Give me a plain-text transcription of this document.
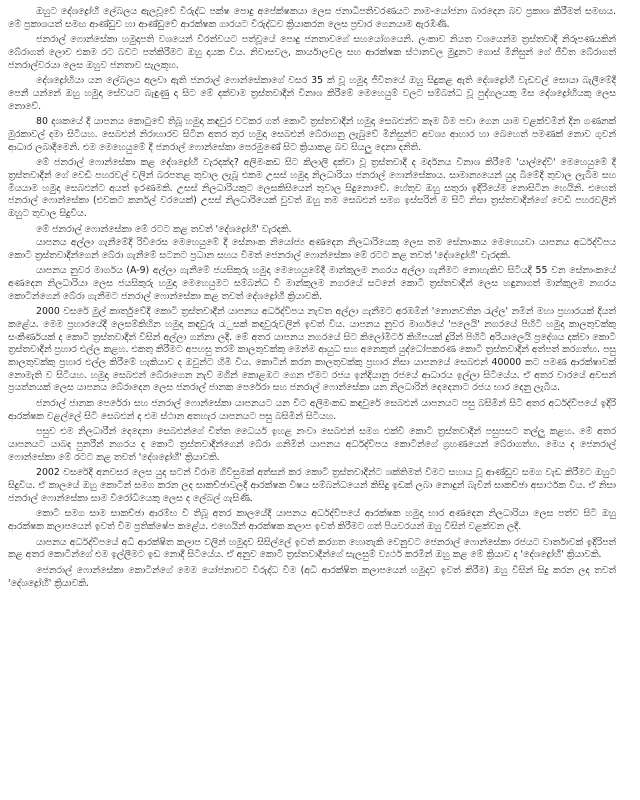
ඔහුට දේශද්‍රෝහී ලේබලය ඇලවූවේ විරුද්ධ පක්ෂ පොදු අපේක්ෂකයා ලෙස ජනාධිපතිවරණයට නාම-යෝජනා බාරදෙන බව ප්‍රකාශ කිරීමත් සමඟය. මේ ප්‍රකාශයත් සමඟ ආණ්ඩුව හා ආණ්ඩුවේ ආරක්ෂක ගාරයට විරුද්ධව ක්‍රියාකරන ලෙස ප්‍රචාර ගෙනයාම ඇරඹිණි.

ජනරාල් ෆොන්සේකා හමුදාපති වශයෙන් වීරත්වයට පත්වූයේ පොදු ජනතාවගේ සහයෝගයෙනි. ලංකාව නියත වශයෙන්ම ත්‍රස්තවාදී නිරූපණයකින් බේරාගත් ලොව එකම රට බවට පත්කිරීමට ඔහු දායක විය. නිවාසවල, කාර්යාලවල සහ ආරක්ෂක ස්ථානවල මුදුනට ගොස් මිනිසුන් ගේ ජීවිත බේරාගත් ජනරාල්වරයා ලෙස ඔහුව ජනතාව සැලකූහ.

දේශද්‍රෝහියා යන ලේබලය අලවා ඇති ජනරාල් ෆොන්සේකාගේ වසර 35 ක් වූ හමුදා ජීවිතයේ ඔහු සිදුකළ ඇති දේශද්‍රෝහී වැඩවල් සොයා බැලීමේදී පෙනී යන්නේ ඔහු හමුදා සේවයට බැඳුණු දා සිට මේ දක්වාම ත්‍රස්තවාදීන් විනාශ කිරීමේ මෙහෙයුම් වලට සම්බන්ධ වූ පුද්ගලයකු මිස දේශද්‍රෝහියකු ලෙස නොවේ.

80 දශකයේ දී යාපනය කොටුවේ තිබූ හමුදා කඳවුර වටකර ගත් කොටි ත්‍රස්තවාදීන් හමුදා සෙබළුන්ට කෑම බීම පවා ගෙන යාම වළක්වමින් දින ගණනක් මුරකාවල් දමා සිටියහ. සෙබළුන් නිරාහාරව සිටින අතර තුර හමුදා සෙබළුන් බේරාගනු ලැබුවේ මිනිසුන්ට අවශ්‍ය ආහාර හා බෙහෙත් පමණක් නොව ගුවන් ආධාර ලබාදීමෙනි. එම මෙහෙයුමේ දී ජනරාල් ෆොන්සේකා පෙරමුණේ සිට ක්‍රියාකළ බව සියලු දෙනා දනිති.

මේ ජනරාල් ෆොන්සේකා කළ දේශද්‍රෝහී වැරදක්ද? අලිමංකඩ සිට කිලාලි දක්වා වූ ත්‍රස්තවාදී ද මර්දනය විනාශ කිරීමේ 'යාල්දේවී' මෙහෙයුමේ දී ත්‍රස්තවාදීන් ගේ වෙඩි පහරවල් වලින් බරපතළ තුවාල ලැබූ එකම උසස් හමුදා නිලධාරියා ජනරාල් ෆොන්සේකාය. සාමාන්‍යයෙන් යුද බිමේදී තුවාල ලැබීම සහ මියයාම හමුදා සෙබළුන්ට අයත් ඉරණමකි. උසස් නිලධාරියකුට ලෙසකිසියෙන් තුවාල සිදුනොවේ. හේතුව ඔහු සතුරා ඉදිරියේම නොසිටින හෙයිනි. එහෙත් ජනරාල් ෆොන්සේකා (එවකට කර්නල් වරයෙක්) උසස් නිලධාරියෙක් වුවත් ඔහු තම සෙබළුන් සමග ඉස්සරින් ම සිටි නිසා ත්‍රස්තවාදීන්ගේ වෙඩි පහරවලින් ඔහුට තුවාල සිදුවිය.

මේ ජනරාල් ෆොන්සේකා මේ රටට කළ තවත් 'දේශද්‍රෝහී' වැරදකි.

යාපනය අල්ලා ගැනීමේදී රිවිරෙස මෙහෙයුමේ දී සේනාංක නියෝජ්‍ය අණදෙන නිලධාරියෙකු ලෙස තම සේනාංකය මෙහෙයවා යාපනය අර්ධද්වීපය කොටි ත්‍රස්තවාදීන්ගෙන් බේරා ගැනීමේ සටනට ප්‍රධාන සහය වීමත් ජෙනරාල් ෆොන්සේකා මේ රටට කළ තවත් 'දේශද්‍රෝහී' වැරදකි.

යාපනය නුවර මාර්ගය (A-9) අල්ලා ගැනීමේ ජයසිකුරු හමුදා මෙහෙයුමේදී මාන්කුලම නගරය අල්ලා ගැනීමට නොහැකිව සිටියදී 55 වන සේනාංකයේ අණදෙන නිලධාරියා ලෙස ජයසිකුරු හමුදා මෙහෙයුමට සම්බන්ධ වී මාන්කුලම නගරයේ සටනේ කොටි ත්‍රස්තවාදීන් ලෙස හඳුනාගත් මාන්කුලම නගරය කොටින්ගෙන් බේරා ගැනීමට ජනරාල් ෆොන්සේකා කළ තවත් දේශද්‍රෝහී ක්‍රියාවකි.

2000 වසරේ මුල් කාර්තුවේදී කොටි ත්‍රස්තවාදීන් යාපනය අර්ධද්වීපය නැවත අල්ලා ගැනීමට අරඹමින් 'නොනවතින රැල්ල' නමින් මහා ප්‍රහාරයක් දියත් කළේය. මෙම ප්‍රහාරයේදී ලෙසම්කිහින හමුදා කඳවුරු රැුසක් කඳවුරුවලින් ඉවත් විය. යාපනය නුවර මාර්ගයේ 'පලෙයි' නගරයේ පිහිටි හමුදා කාලතුවක්කු සංකීර්ණයක් ද කොටි ත්‍රස්තවාදීන් විසින් අල්ලා ගන්නා ලදී. මේ අතර යාපනය නගරයේ සිට කිලෝමීටර් කිහිපයක් දුරින් පිහිටි අරියාලෙයි ප්‍රදේශය දක්වා කොටි ත්‍රස්තවාදීන් ප්‍රහාර එල්ල කළහ. එකතු කිරීමට අපහසු තරම් කාලතුවක්කු මෙන්ම ආයුධ සහ අනෙකුත් යුද්ධෝපකරණ කොටි ත්‍රස්තවාදීන් අත්පත් කරගත්හ. පසු කාලතුවක්කු ප්‍රහාර එල්ල කිරීමේ හැකියාව ද ඔවුන්ට හිමි විය. කොටින් කරන කාලතුවක්කු ප්‍රහාර නිසා යාපනයේ සෙබළුන් 40000 කට පමණ ආරක්ෂාවක් නොමැති ව සිටියහ. හමුදා සෙබළුන් බේරාගෙන නැව් මගින් කොළඹට ගෙන ඒමට රජය ඉන්දියානු රජයේ ආධාරය ඉල්ලා සිටියේය. ඒ අතර වාරයේ අවසන් ප්‍රයත්නයක් ලෙස යාපනය බේරාදෙන ලෙස ජනරාල් ජානක පෙරේරා සහ ජනරාල් ෆොන්සේකා යන නිලධාරින් දෙදෙනාට රජය භාර දෙනු ලැබීය.

ජනරාල් ජානක පෙරේරා සහ ජනරාල් ෆොන්සේකා යාපනයට යන විට අලිමංකඩ කඳවුරේ සෙබළුන් යාපනයට පසු බසිමින් සිටි අතර අර්ධද්වීපයේ ඉදිරි ආරක්ෂක වළල්ලේ සිටි සෙබළුන් ද එම ස්ථාන අතහැර යාපනයට පසු බසිමින් සිටියහ.

පසුව එම නිලධාරීන් දෙදෙනා සෙබළුන්ගේ චිත්ත ධෛර්ය ඉහළ නංවා සෙබළුන් සමග එක්වී කොටි ත්‍රස්තවාදීන් පසුපසට තල්ලු කළහ. මේ අතර යාපනයට යාබද පුනරීන් නගරය ද කොටි ත්‍රස්තවාදීන්ගෙන් බේරා ගනිමින් යාපනය අර්ධද්වීපය කොටින්ගේ ග්‍රහණයෙන් බේරාගත්හ. මෙය ද ජෙනරාල් ෆොන්සේකා මේ රටට කළ තවත් 'දේශද්‍රෝහී' ක්‍රියාවකි.

2002 වසරේදී අනවසර ලෙස යුද සටන් විරාම ගිවිසුමක් අත්සන් කර කොටි ත්‍රස්තවාදීන්ට ශක්තිමත් වීමට සහාය වූ ආණ්ඩුව සමග වැඩ කිරීමට ඔහුට සිදුවිය. ඒ කාලයේ ඔහු කොටින් සමග කරන ලද සාකච්ඡාවලදී ආරක්ෂක විෂය සම්බන්ධයෙන් කිසිදු ඉඩක් ලබා නොදුන් බැවින් සාකච්ඡා අසාර්ථක විය. ඒ නිසා ජනරාල් ෆොන්සේකා සාම විරෝධියෙකු ලෙස ද ලේබල් ගැසිණි.

කොටි සමග සාම සාකච්ඡා ආරම්භ වී තිබූ අතර කාලයේදී යාපනය අර්ධද්වීපයේ ආරක්ෂක හමුදා භාර අණදෙන නිලධාරියා ලෙස පත්ව සිටි ඔහු ආරක්ෂක කලාපයෙන් ඉවත් වීම ප්‍රතික්ෂේප කළේය. එහෙයින් ආරක්ෂක කලාප ඉවත් කිරීමට ගත් පියවරයන් ඔහු විසින් වළක්වන ලදී.

යාපනය අර්ධද්වීපයේ අධි ආරක්ෂිත කලාප වලින් හමුදාව සිසිල්ලේ ඉවත් කරගත හොතැකි වෙනුවට ජෙනරාල් ෆොන්සේකා රජයට වාර්තාවක් ඉදිරිපත් කළ අතර කොටින්ගේ එම ඉල්ලීමට ඉඩ නොදී සිටියේය. ඒ අනුව කොටි ත්‍රස්තවාදීන්ගේ සැලසුම් ව්‍යර්ථ කරමින් ඔහු කළ මේ ක්‍රියාව ද 'දේශද්‍රෝහී' ක්‍රියාවකි.

ජෙනරාල් ෆොන්සේකා කොටින්ගේ මෙම යෝජනාවට විරුද්ධ වීම (අධි ආරක්ෂිත කලාපයෙන් හමුදාව ඉවත් කිරීම) ඔහු විසින් සිදු කරන ලද තවත් 'දේශද්‍රෝහී' ක්‍රියාවකි.
